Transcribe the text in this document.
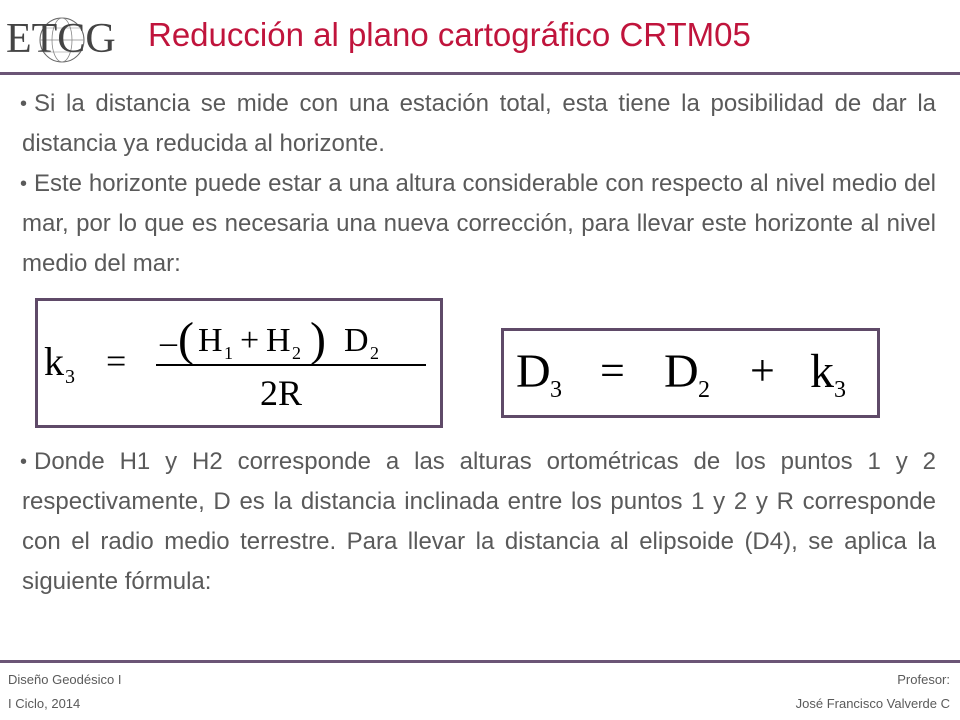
ETCG Reducción al plano cartográfico CRTM05

• Si la distancia se mide con una estación total, esta tiene la posibilidad de dar la distancia ya reducida al horizonte.

• Este horizonte puede estar a una altura considerable con respecto al nivel medio del mar, por lo que es necesaria una nueva corrección, para llevar este horizonte al nivel medio del mar:

• Donde H1 y H2 corresponde a las alturas ortométricas de los puntos 1 y 2 respectivamente, D es la distancia inclinada entre los puntos 1 y 2 y R corresponde con el radio medio terrestre. Para llevar la distancia al elipsoide (D4), se aplica la siguiente fórmula:

k 3 = – ( H 1 + H 2 ) D 2
2R	D 3 = D 2 + k 3
Diseño Geodésico I
I Ciclo, 2014
Profesor:
José Francisco Valverde C
